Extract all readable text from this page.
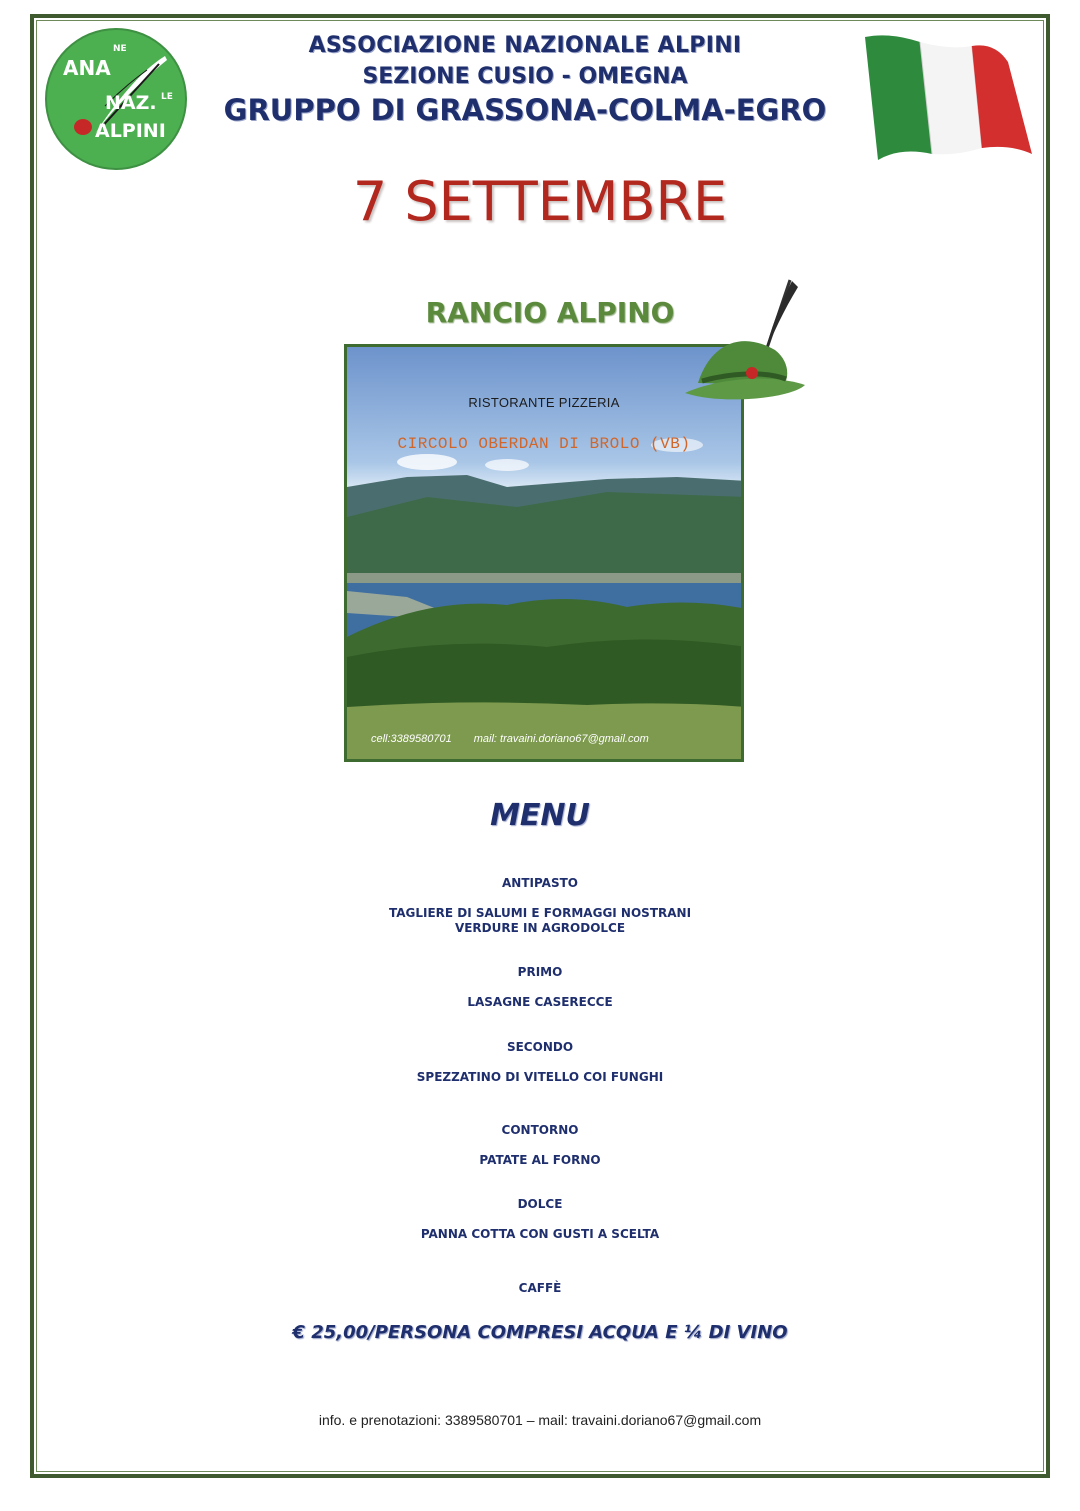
ANA
NE
NAZ. LE
ALPINI
ASSOCIAZIONE NAZIONALE ALPINI
SEZIONE CUSIO - OMEGNA
GRUPPO DI GRASSONA-COLMA-EGRO
7 SETTEMBRE
RANCIO ALPINO
RISTORANTE PIZZERIA
CIRCOLO OBERDAN DI BROLO (VB)
cell:3389580701 mail: travaini.doriano67@gmail.com
MENU
ANTIPASTO
TAGLIERE DI SALUMI E FORMAGGI NOSTRANI
VERDURE IN AGRODOLCE
PRIMO
LASAGNE CASERECCE
SECONDO
SPEZZATINO DI VITELLO COI FUNGHI
CONTORNO
PATATE AL FORNO
DOLCE
PANNA COTTA CON GUSTI A SCELTA
CAFFÈ
€ 25,00/PERSONA COMPRESI ACQUA E ¼ DI VINO
info. e prenotazioni: 3389580701 – mail: travaini.doriano67@gmail.com
